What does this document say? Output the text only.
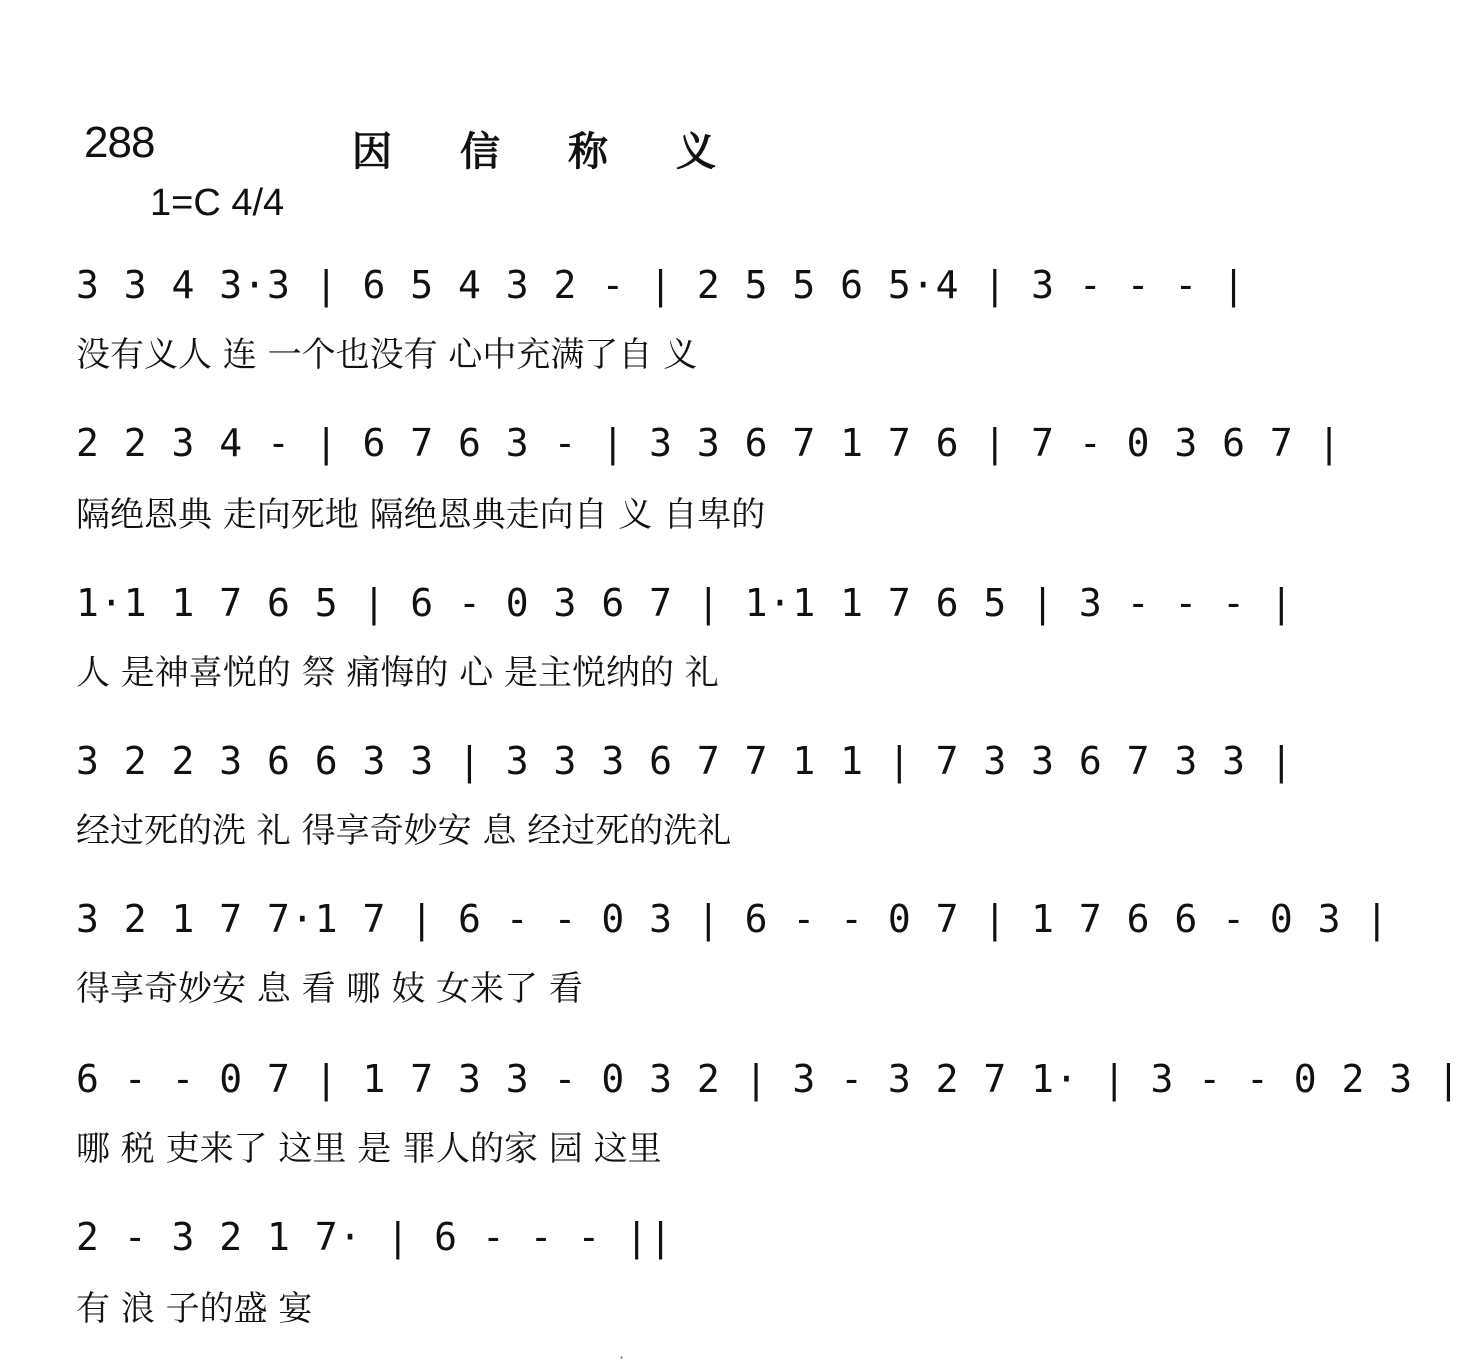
288	因信称义
1=C 4/4
3 3 4 3·3 | 6 5 4 3 2 - | 2 5 5 6 5·4 | 3 - - - |
没有义人 连 一个也没有 心中充满了自 义
2 2 3 4 - | 6 7 6 3 - | 3 3 6 7 1 7 6 | 7 - 0 3 6 7 |
隔绝恩典 走向死地 隔绝恩典走向自 义 自卑的
1·1 1 7 6 5 | 6 - 0 3 6 7 | 1·1 1 7 6 5 | 3 - - - |
人 是神喜悦的 祭 痛悔的 心 是主悦纳的 礼
3 2 2 3 6 6 3 3 | 3 3 3 6 7 7 1 1 | 7 3 3 6 7 3 3 |
经过死的洗 礼 得享奇妙安 息 经过死的洗礼
3 2 1 7 7·1 7 | 6 - - 0 3 | 6 - - 0 7 | 1 7 6 6 - 0 3 |
得享奇妙安 息 看 哪 妓 女来了 看
6 - - 0 7 | 1 7 3 3 - 0 3 2 | 3 - 3 2 7 1· | 3 - - 0 2 3 |
哪 税 吏来了 这里 是 罪人的家 园 这里
2 - 3 2 1 7· | 6 - - - ||
有 浪 子的盛 宴
·
